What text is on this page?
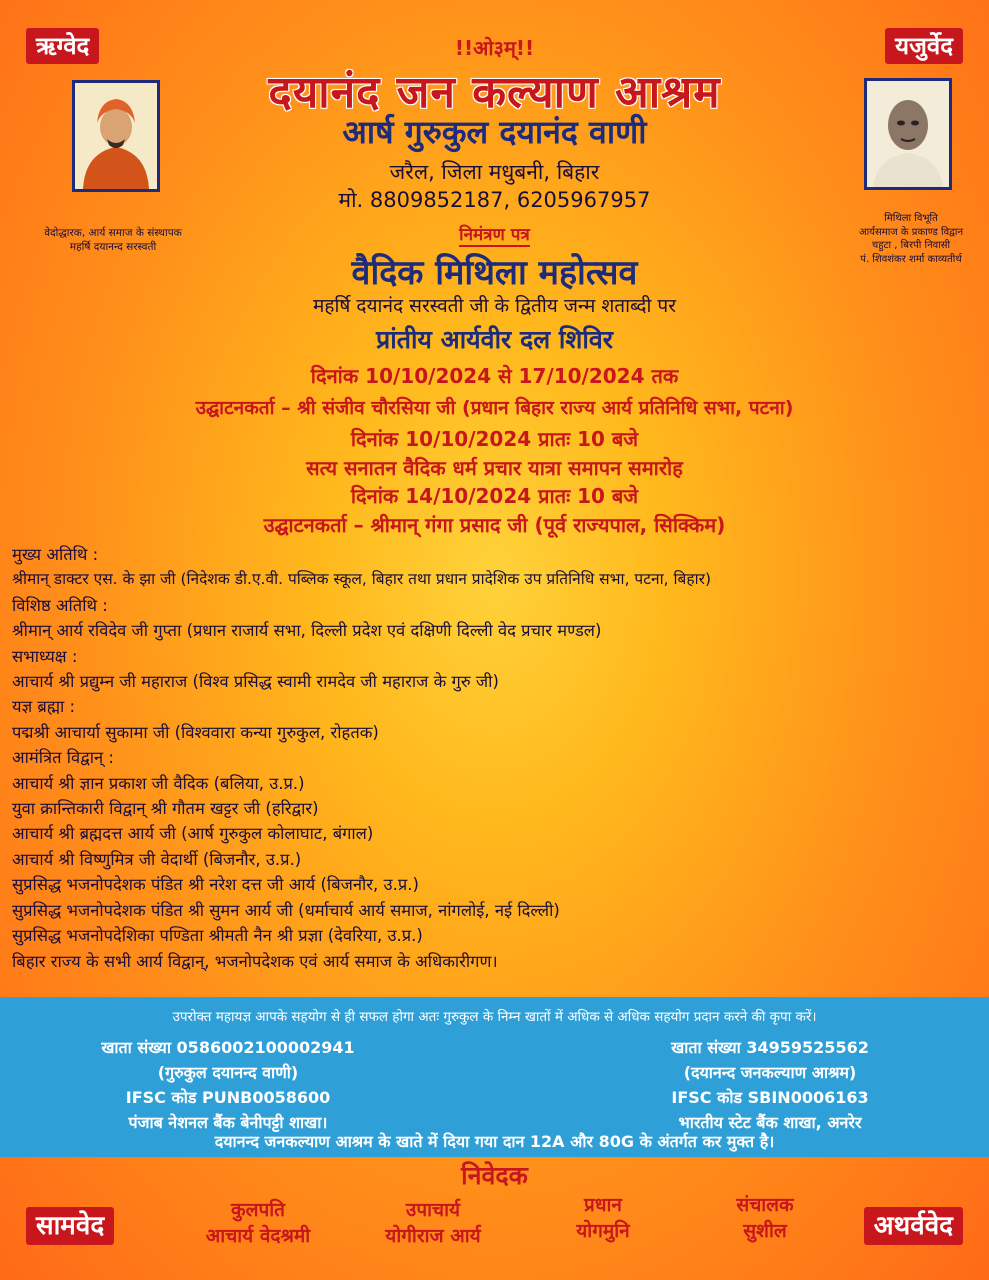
ऋग्वेद	यजुर्वेद
सामवेद	अथर्ववेद
वेदोद्धारक, आर्य समाज के संस्थापक
महर्षि दयानन्द सरस्वती
मिथिला विभूति
आर्यसमाज के प्रकाण्ड विद्वान
चहुटा , बिरपी निवासी
पं. शिवशंकर शर्मा काव्यतीर्थ
!!ओ३म्!!
दयानंद जन कल्याण आश्रम
आर्ष गुरुकुल दयानंद वाणी
जरैल, जिला मधुबनी, बिहार
मो. 8809852187, 6205967957
निमंत्रण पत्र
वैदिक मिथिला महोत्सव
महर्षि दयानंद सरस्वती जी के द्वितीय जन्म शताब्दी पर
प्रांतीय आर्यवीर दल शिविर
दिनांक 10/10/2024 से 17/10/2024 तक
उद्घाटनकर्ता – श्री संजीव चौरसिया जी (प्रधान बिहार राज्य आर्य प्रतिनिधि सभा, पटना)
दिनांक 10/10/2024 प्रातः 10 बजे
सत्य सनातन वैदिक धर्म प्रचार यात्रा समापन समारोह
दिनांक 14/10/2024 प्रातः 10 बजे
उद्घाटनकर्ता – श्रीमान् गंगा प्रसाद जी (पूर्व राज्यपाल, सिक्किम)
मुख्य अतिथि :
श्रीमान् डाक्टर एस. के झा जी (निदेशक डी.ए.वी. पब्लिक स्कूल, बिहार तथा प्रधान प्रादेशिक उप प्रतिनिधि सभा, पटना, बिहार)
विशिष्ठ अतिथि :
श्रीमान् आर्य रविदेव जी गुप्ता (प्रधान राजार्य सभा, दिल्ली प्रदेश एवं दक्षिणी दिल्ली वेद प्रचार मण्डल)
सभाध्यक्ष :
आचार्य श्री प्रद्युम्न जी महाराज (विश्व प्रसिद्ध स्वामी रामदेव जी महाराज के गुरु जी)
यज्ञ ब्रह्मा :
पद्मश्री आचार्या सुकामा जी (विश्ववारा कन्या गुरुकुल, रोहतक)
आमंत्रित विद्वान् :
आचार्य श्री ज्ञान प्रकाश जी वैदिक (बलिया, उ.प्र.)
युवा क्रान्तिकारी विद्वान् श्री गौतम खट्टर जी (हरिद्वार)
आचार्य श्री ब्रह्मदत्त आर्य जी (आर्ष गुरुकुल कोलाघाट, बंगाल)
आचार्य श्री विष्णुमित्र जी वेदार्थी (बिजनौर, उ.प्र.)
सुप्रसिद्ध भजनोपदेशक पंडित श्री नरेश दत्त जी आर्य (बिजनौर, उ.प्र.)
सुप्रसिद्ध भजनोपदेशक पंडित श्री सुमन आर्य जी (धर्माचार्य आर्य समाज, नांगलोई, नई दिल्ली)
सुप्रसिद्ध भजनोपदेशिका पण्डिता श्रीमती नैन श्री प्रज्ञा (देवरिया, उ.प्र.)
बिहार राज्य के सभी आर्य विद्वान्, भजनोपदेशक एवं आर्य समाज के अधिकारीगण।
उपरोक्त महायज्ञ आपके सहयोग से ही सफल होगा अतः गुरुकुल के निम्न खातों में अधिक से अधिक सहयोग प्रदान करने की कृपा करें।
खाता संख्या 0586002100002941
(गुरुकुल दयानन्द वाणी)
IFSC कोड PUNB0058600
पंजाब नेशनल बैंक बेनीपट्टी शाखा।
खाता संख्या 34959525562
(दयानन्द जनकल्याण आश्रम)
IFSC कोड SBIN0006163
भारतीय स्टेट बैंक शाखा, अनरेर
दयानन्द जनकल्याण आश्रम के खाते में दिया गया दान 12A और 80G के अंतर्गत कर मुक्त है।
निवेदक
कुलपति
आचार्य वेदश्रमी
उपाचार्य
योगीराज आर्य
प्रधान
योगमुनि
संचालक
सुशील
